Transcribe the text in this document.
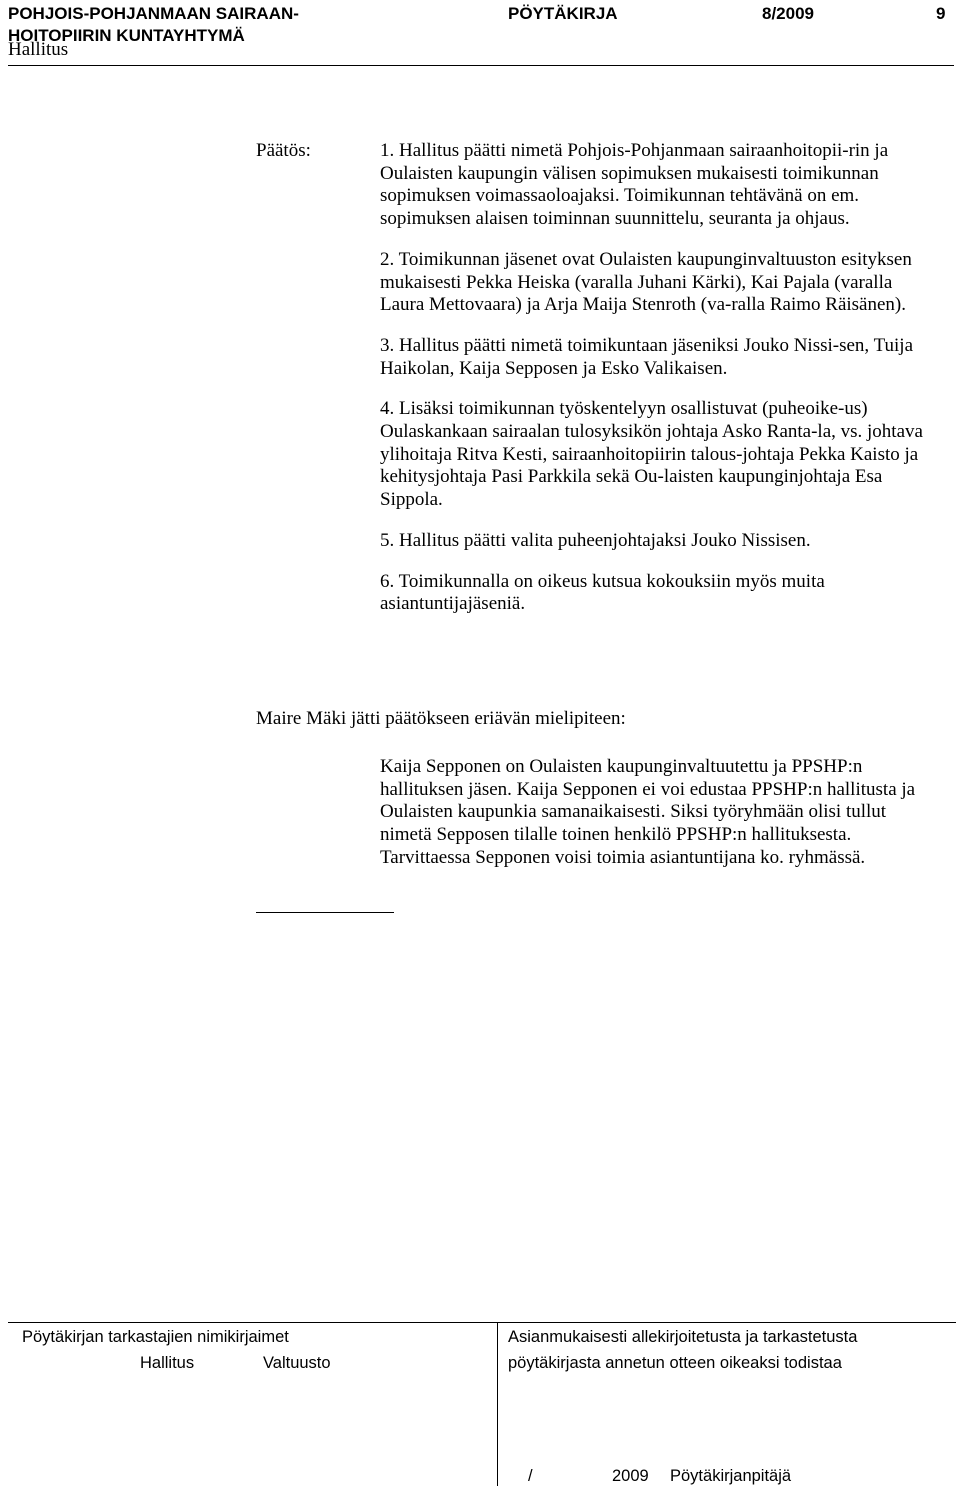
POHJOIS-POHJANMAAN SAIRAAN-
HOITOPIIRIN KUNTAYHTYMÄ
PÖYTÄKIRJA	8/2009	9
Hallitus
Päätös:	1. Hallitus päätti nimetä Pohjois-Pohjanmaan sairaanhoitopii-rin ja Oulaisten kaupungin välisen sopimuksen mukaisesti toimikunnan sopimuksen voimassaoloajaksi. Toimikunnan tehtävänä on em. sopimuksen alaisen toiminnan suunnittelu, seuranta ja ohjaus.

2. Toimikunnan jäsenet ovat Oulaisten kaupunginvaltuuston esityksen mukaisesti Pekka Heiska (varalla Juhani Kärki), Kai Pajala (varalla Laura Mettovaara) ja Arja Maija Stenroth (va-ralla Raimo Räisänen).

3. Hallitus päätti nimetä toimikuntaan jäseniksi Jouko Nissi-sen, Tuija Haikolan, Kaija Sepposen ja Esko Valikaisen.

4. Lisäksi toimikunnan työskentelyyn osallistuvat (puheoike-us) Oulaskankaan sairaalan tulosyksikön johtaja Asko Ranta-la, vs. johtava ylihoitaja Ritva Kesti, sairaanhoitopiirin talous-johtaja Pekka Kaisto ja kehitysjohtaja Pasi Parkkila sekä Ou-laisten kaupunginjohtaja Esa Sippola.

5. Hallitus päätti valita puheenjohtajaksi Jouko Nissisen.

6. Toimikunnalla on oikeus kutsua kokouksiin myös muita asiantuntijajäseniä.

Maire Mäki jätti päätökseen eriävän mielipiteen:

Kaija Sepponen on Oulaisten kaupunginvaltuutettu ja PPSHP:n hallituksen jäsen. Kaija Sepponen ei voi edustaa PPSHP:n hallitusta ja Oulaisten kaupunkia samanaikaisesti. Siksi työryhmään olisi tullut nimetä Sepposen tilalle toinen henkilö PPSHP:n hallituksesta. Tarvittaessa Sepponen voisi toimia asiantuntijana ko. ryhmässä.

Pöytäkirjan tarkastajien nimikirjaimet
Hallitus	Valtuusto
Asianmukaisesti allekirjoitetusta ja tarkastetusta
pöytäkirjasta annetun otteen oikeaksi todistaa
/	2009 Pöytäkirjanpitäjä
